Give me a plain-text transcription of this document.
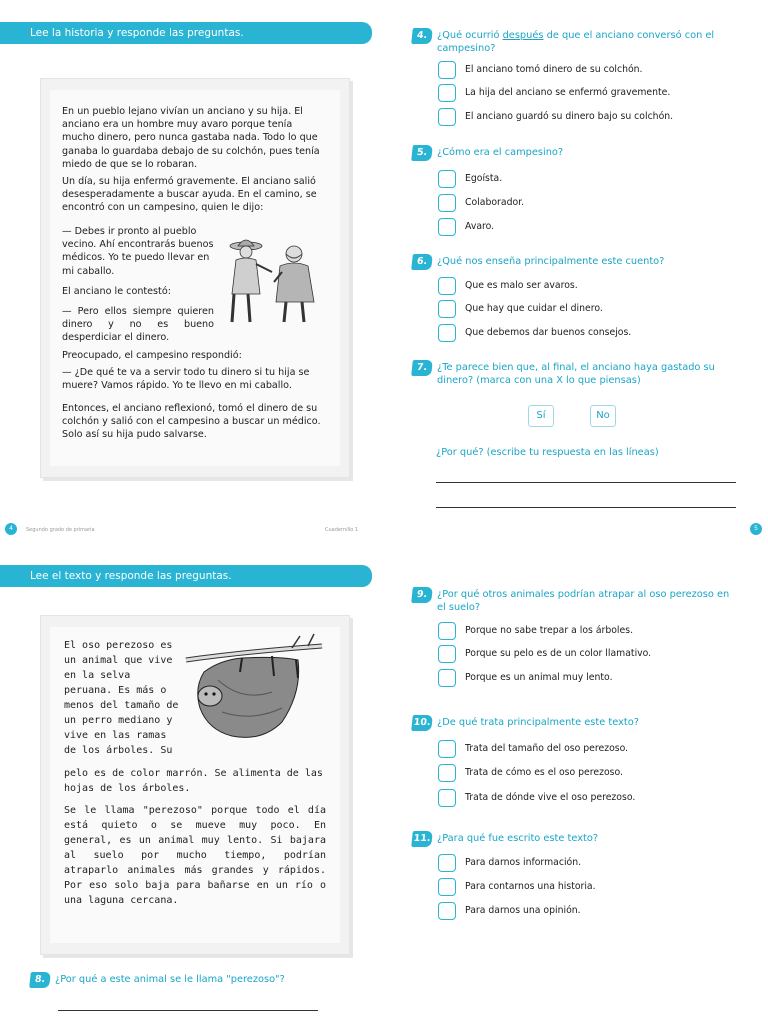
Lee la historia y responde las preguntas.

En un pueblo lejano vivían un anciano y su hija. El anciano era un hombre muy avaro porque tenía mucho dinero, pero nunca gastaba nada. Todo lo que ganaba lo guardaba debajo de su colchón, pues tenía miedo de que se lo robaran.

Un día, su hija enfermó gravemente. El anciano salió desesperadamente a buscar ayuda. En el camino, se encontró con un campesino, quien le dijo:

— Debes ir pronto al pueblo vecino. Ahí encontrarás buenos médicos. Yo te puedo llevar en mi caballo.

El anciano le contestó:

— Pero ellos siempre quieren dinero y no es bueno desperdiciar el dinero.

Preocupado, el campesino respondió:

— ¿De qué te va a servir todo tu dinero si tu hija se muere? Vamos rápido. Yo te llevo en mi caballo.

Entonces, el anciano reflexionó, tomó el dinero de su colchón y salió con el campesino a buscar un médico. Solo así su hija pudo salvarse.

4. ¿Qué ocurrió después de que el anciano conversó con el campesino?
El anciano tomó dinero de su colchón.
La hija del anciano se enfermó gravemente.
El anciano guardó su dinero bajo su colchón.
5. ¿Cómo era el campesino?
Egoísta.
Colaborador.
Avaro.
6. ¿Qué nos enseña principalmente este cuento?
Que es malo ser avaros.
Que hay que cuidar el dinero.
Que debemos dar buenos consejos.
7. ¿Te parece bien que, al final, el anciano haya gastado su dinero? (marca con una X lo que piensas)
Sí	No
¿Por qué? (escribe tu respuesta en las líneas)
4	Segundo grado de primaria	Cuadernillo 1	5
Lee el texto y responde las preguntas.

El oso perezoso es un animal que vive en la selva peruana. Es más o menos del tamaño de un perro mediano y vive en las ramas de los árboles. Su

pelo es de color marrón. Se alimenta de las hojas de los árboles.

Se le llama "perezoso" porque todo el día está quieto o se mueve muy poco. En general, es un animal muy lento. Si bajara al suelo por mucho tiempo, podrían atraparlo animales más grandes y rápidos. Por eso solo baja para bañarse en un río o una laguna cercana.

8. ¿Por qué a este animal se le llama "perezoso"?
9. ¿Por qué otros animales podrían atrapar al oso perezoso en el suelo?
Porque no sabe trepar a los árboles.
Porque su pelo es de un color llamativo.
Porque es un animal muy lento.
10. ¿De qué trata principalmente este texto?
Trata del tamaño del oso perezoso.
Trata de cómo es el oso perezoso.
Trata de dónde vive el oso perezoso.
11. ¿Para qué fue escrito este texto?
Para darnos información.
Para contarnos una historia.
Para darnos una opinión.
